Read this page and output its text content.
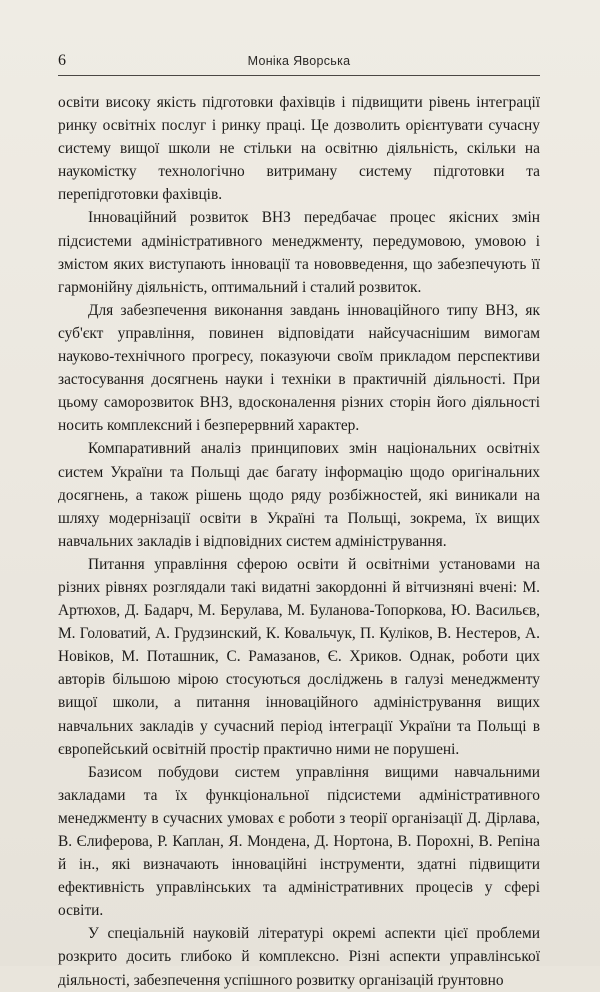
6	Моніка Яворська

освіти високу якість підготовки фахівців і підвищити рівень інтеграції ринку освітніх послуг і ринку праці. Це дозволить орієнтувати сучасну систему вищої школи не стільки на освітню діяльність, скільки на наукомістку технологічно витриману систему підготовки та перепідготовки фахівців.

Інноваційний розвиток ВНЗ передбачає процес якісних змін підсистеми адміністративного менеджменту, передумовою, умовою і змістом яких виступають інновації та нововведення, що забезпечують її гармонійну діяльність, оптимальний і сталий розвиток.

Для забезпечення виконання завдань інноваційного типу ВНЗ, як суб'єкт управління, повинен відповідати найсучаснішим вимогам науково-технічного прогресу, показуючи своїм прикладом перспективи застосування досягнень науки і техніки в практичній діяльності. При цьому саморозвиток ВНЗ, вдосконалення різних сторін його діяльності носить комплексний і безперервний характер.

Компаративний аналіз принципових змін національних освітніх систем України та Польщі дає багату інформацію щодо оригінальних досягнень, а також рішень щодо ряду розбіжностей, які виникали на шляху модернізації освіти в Україні та Польщі, зокрема, їх вищих навчальних закладів і відповідних систем адміністрування.

Питання управління сферою освіти й освітніми установами на різних рівнях розглядали такі видатні закордонні й вітчизняні вчені: М. Артюхов, Д. Бадарч, М. Берулава, М. Буланова-Топоркова, Ю. Васильєв, М. Головатий, А. Грудзинский, К. Ковальчук, П. Куліков, В. Нестеров, А. Новіков, М. Поташник, С. Рамазанов, Є. Хриков. Однак, роботи цих авторів більшою мірою стосуються досліджень в галузі менеджменту вищої школи, а питання інноваційного адміністрування вищих навчальних закладів у сучасний період інтеграції України та Польщі в європейський освітній простір практично ними не порушені.

Базисом побудови систем управління вищими навчальними закладами та їх функціональної підсистеми адміністративного менеджменту в сучасних умовах є роботи з теорії організації Д. Дірлава, В. Єлиферова, Р. Каплан, Я. Мондена, Д. Нортона, В. Порохні, В. Репіна й ін., які визначають інноваційні інструменти, здатні підвищити ефективність управлінських та адміністративних процесів у сфері освіти.

У спеціальній науковій літературі окремі аспекти цієї проблеми розкрито досить глибоко й комплексно. Різні аспекти управлінської діяльності, забезпечення успішного розвитку організацій ґрунтовно
